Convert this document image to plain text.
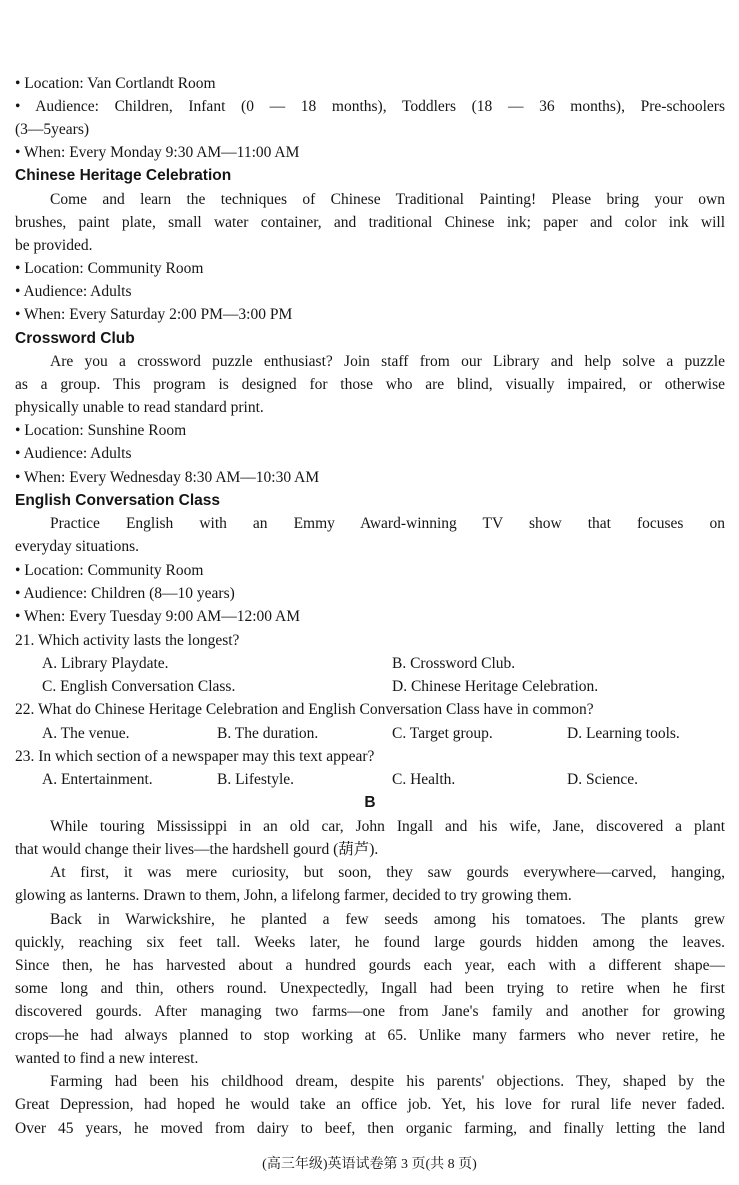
• Location: Van Cortlandt Room
• Audience: Children, Infant (0 — 18 months), Toddlers (18 — 36 months), Pre-schoolers
(3—5years)
• When: Every Monday 9:30 AM—11:00 AM
Chinese Heritage Celebration
Come and learn the techniques of Chinese Traditional Painting! Please bring your own
brushes, paint plate, small water container, and traditional Chinese ink; paper and color ink will
be provided.
• Location: Community Room
• Audience: Adults
• When: Every Saturday 2:00 PM—3:00 PM
Crossword Club
Are you a crossword puzzle enthusiast? Join staff from our Library and help solve a puzzle
as a group. This program is designed for those who are blind, visually impaired, or otherwise
physically unable to read standard print.
• Location: Sunshine Room
• Audience: Adults
• When: Every Wednesday 8:30 AM—10:30 AM
English Conversation Class
Practice English with an Emmy Award-winning TV show that focuses on
everyday situations.
• Location: Community Room
• Audience: Children (8—10 years)
• When: Every Tuesday 9:00 AM—12:00 AM
21. Which activity lasts the longest?
A. Library Playdate.	B. Crossword Club.
C. English Conversation Class.	D. Chinese Heritage Celebration.
22. What do Chinese Heritage Celebration and English Conversation Class have in common?
A. The venue.	B. The duration.	C. Target group.	D. Learning tools.
23. In which section of a newspaper may this text appear?
A. Entertainment.	B. Lifestyle.	C. Health.	D. Science.
B
While touring Mississippi in an old car, John Ingall and his wife, Jane, discovered a plant
that would change their lives—the hardshell gourd (葫芦).
At first, it was mere curiosity, but soon, they saw gourds everywhere—carved, hanging,
glowing as lanterns. Drawn to them, John, a lifelong farmer, decided to try growing them.
Back in Warwickshire, he planted a few seeds among his tomatoes. The plants grew
quickly, reaching six feet tall. Weeks later, he found large gourds hidden among the leaves.
Since then, he has harvested about a hundred gourds each year, each with a different shape—
some long and thin, others round. Unexpectedly, Ingall had been trying to retire when he first
discovered gourds. After managing two farms—one from Jane's family and another for growing
crops—he had always planned to stop working at 65. Unlike many farmers who never retire, he
wanted to find a new interest.
Farming had been his childhood dream, despite his parents' objections. They, shaped by the
Great Depression, had hoped he would take an office job. Yet, his love for rural life never faded.
Over 45 years, he moved from dairy to beef, then organic farming, and finally letting the land
(高三年级)英语试卷第 3 页(共 8 页)
